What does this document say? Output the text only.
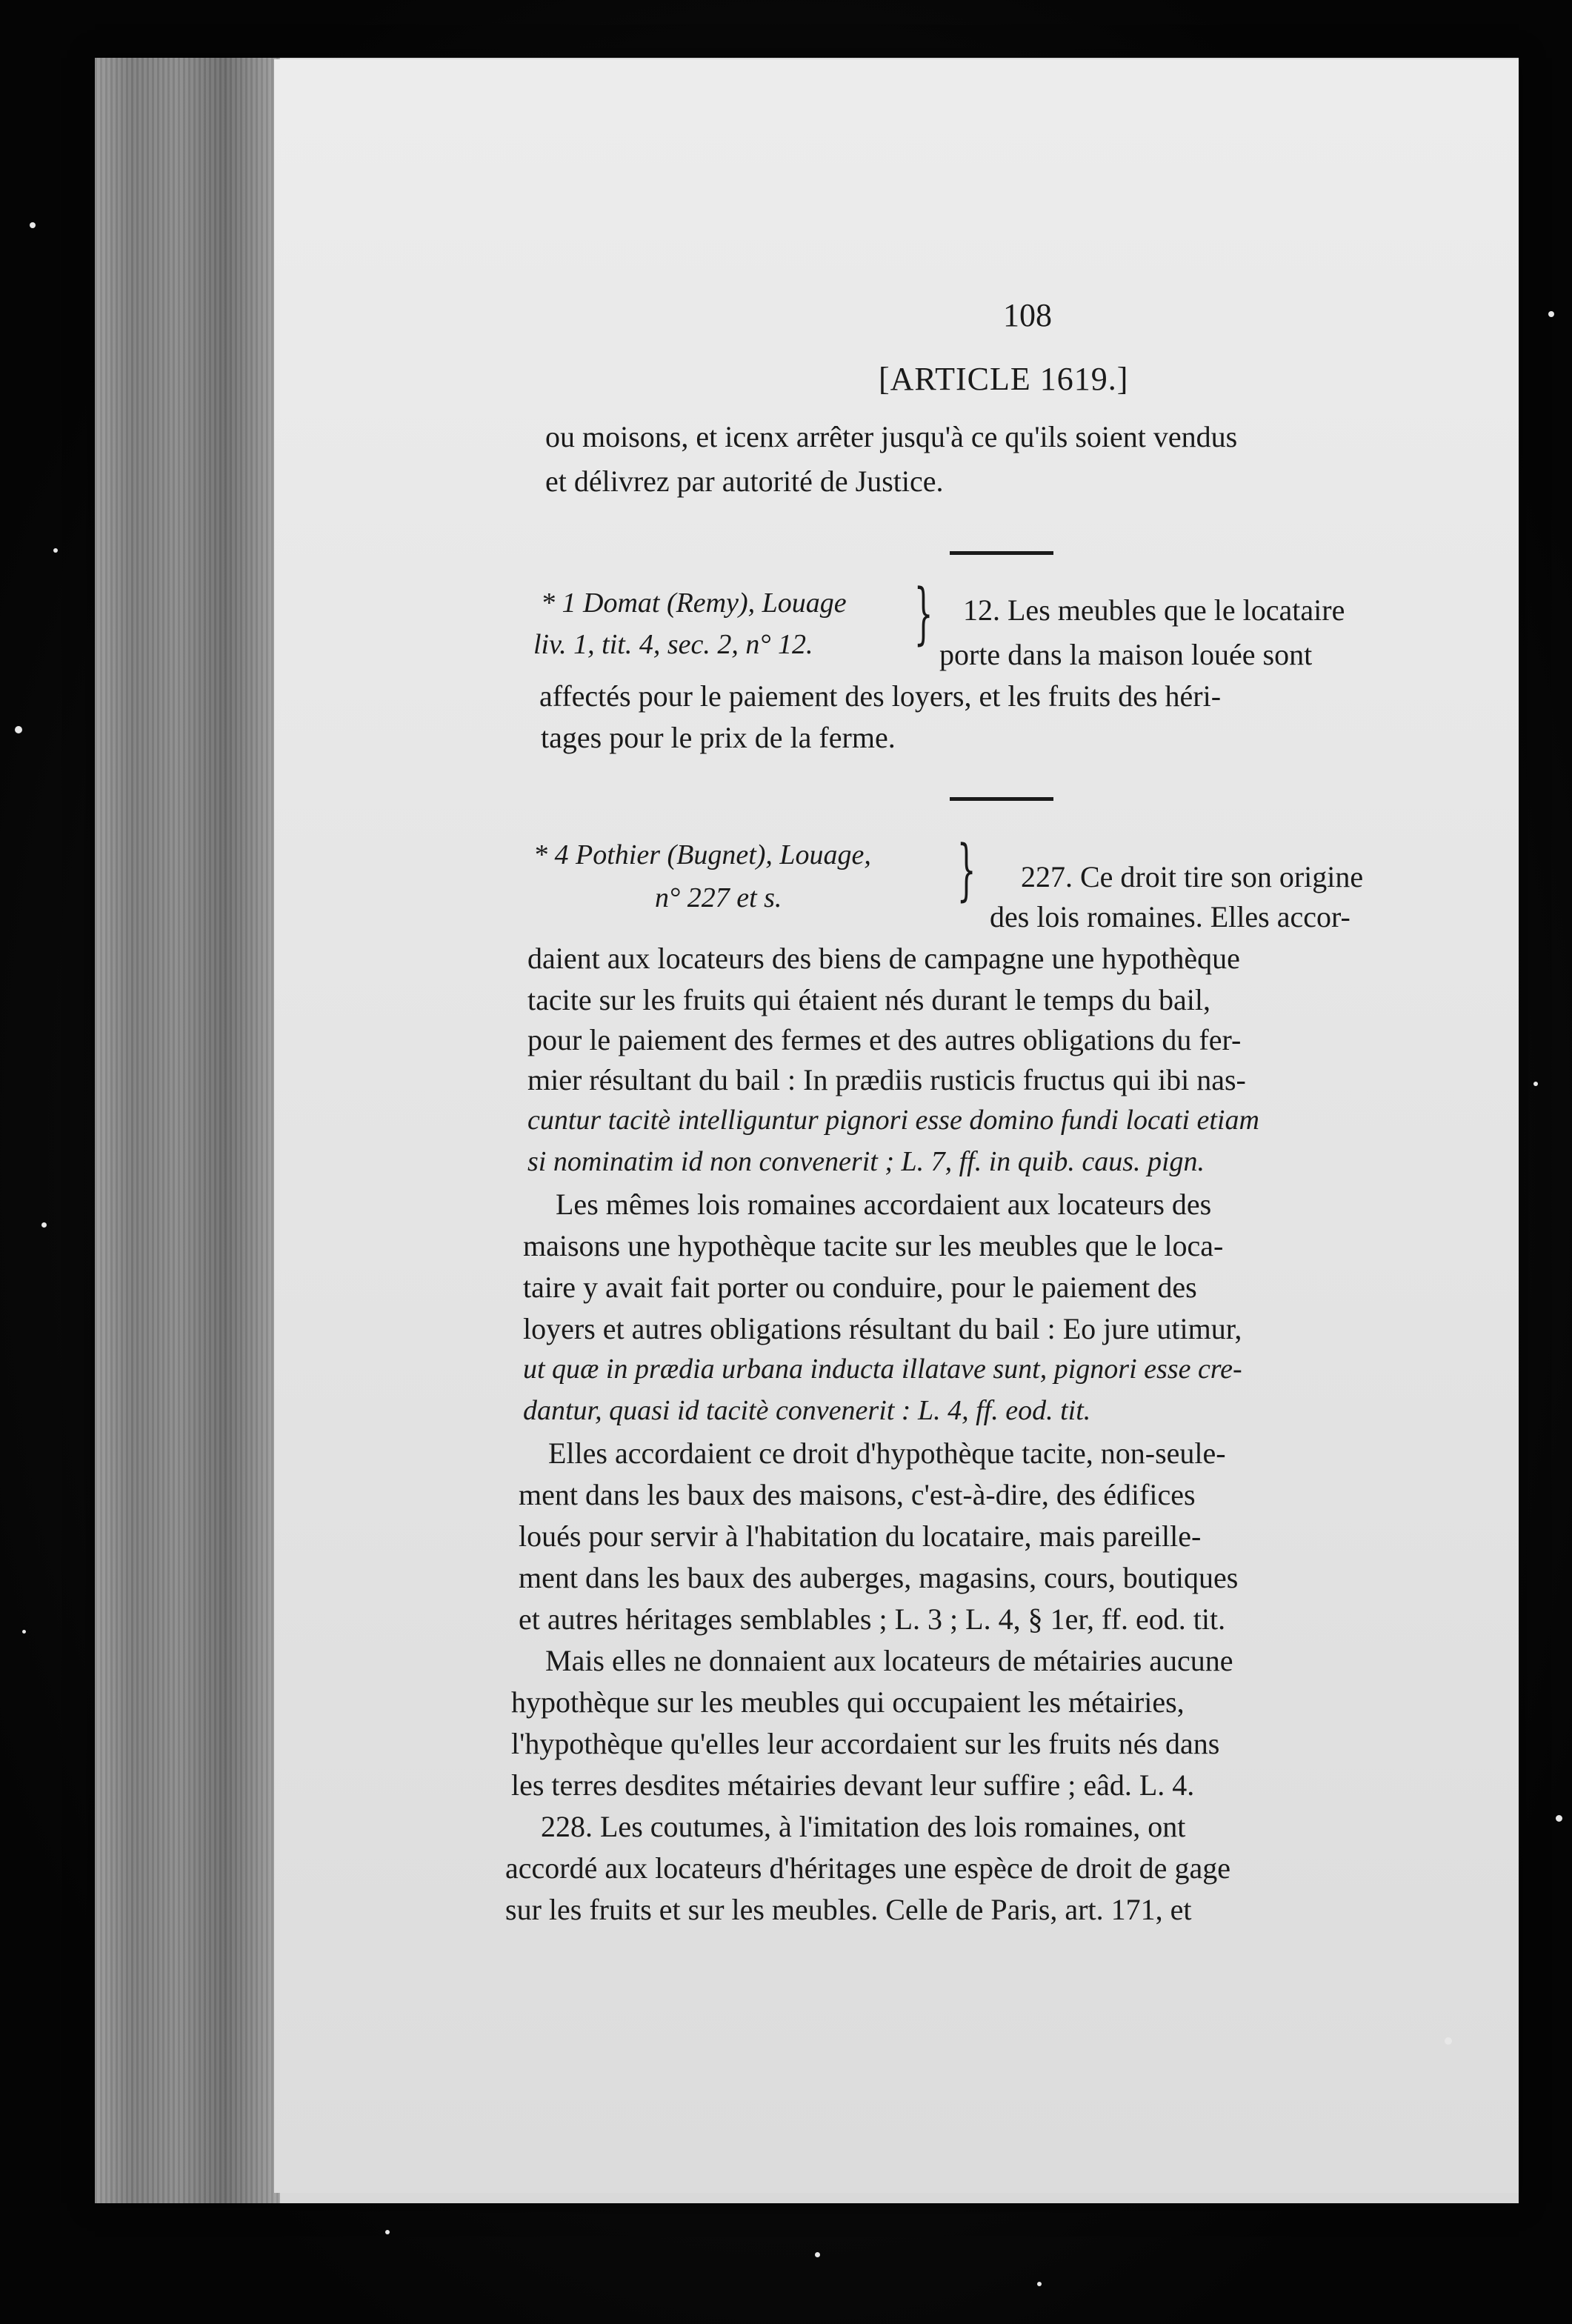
108
[ARTICLE 1619.]
ou moisons, et icenx arrêter jusqu'à ce qu'ils soient vendus
et délivrez par autorité de Justice.
* 1 Domat (Remy), Louage
liv. 1, tit. 4, sec. 2, n° 12. } 12. Les meubles que le locataire
porte dans la maison louée sont
affectés pour le paiement des loyers, et les fruits des héri-
tages pour le prix de la ferme.
* 4 Pothier (Bugnet), Louage,
n° 227 et s.	} 227. Ce droit tire son origine
des lois romaines. Elles accor-
daient aux locateurs des biens de campagne une hypothèque
tacite sur les fruits qui étaient nés durant le temps du bail,
pour le paiement des fermes et des autres obligations du fer-
mier résultant du bail : In prædiis rusticis fructus qui ibi nas-
cuntur tacitè intelliguntur pignori esse domino fundi locati etiam
si nominatim id non convenerit ; L. 7, ff. in quib. caus. pign.
Les mêmes lois romaines accordaient aux locateurs des
maisons une hypothèque tacite sur les meubles que le loca-
taire y avait fait porter ou conduire, pour le paiement des
loyers et autres obligations résultant du bail : Eo jure utimur,
ut quæ in prædia urbana inducta illatave sunt, pignori esse cre-
dantur, quasi id tacitè convenerit : L. 4, ff. eod. tit.
Elles accordaient ce droit d'hypothèque tacite, non-seule-
ment dans les baux des maisons, c'est-à-dire, des édifices
loués pour servir à l'habitation du locataire, mais pareille-
ment dans les baux des auberges, magasins, cours, boutiques
et autres héritages semblables ; L. 3 ; L. 4, § 1er, ff. eod. tit.
Mais elles ne donnaient aux locateurs de métairies aucune
hypothèque sur les meubles qui occupaient les métairies,
l'hypothèque qu'elles leur accordaient sur les fruits nés dans
les terres desdites métairies devant leur suffire ; eâd. L. 4.
228. Les coutumes, à l'imitation des lois romaines, ont
accordé aux locateurs d'héritages une espèce de droit de gage
sur les fruits et sur les meubles. Celle de Paris, art. 171, et
